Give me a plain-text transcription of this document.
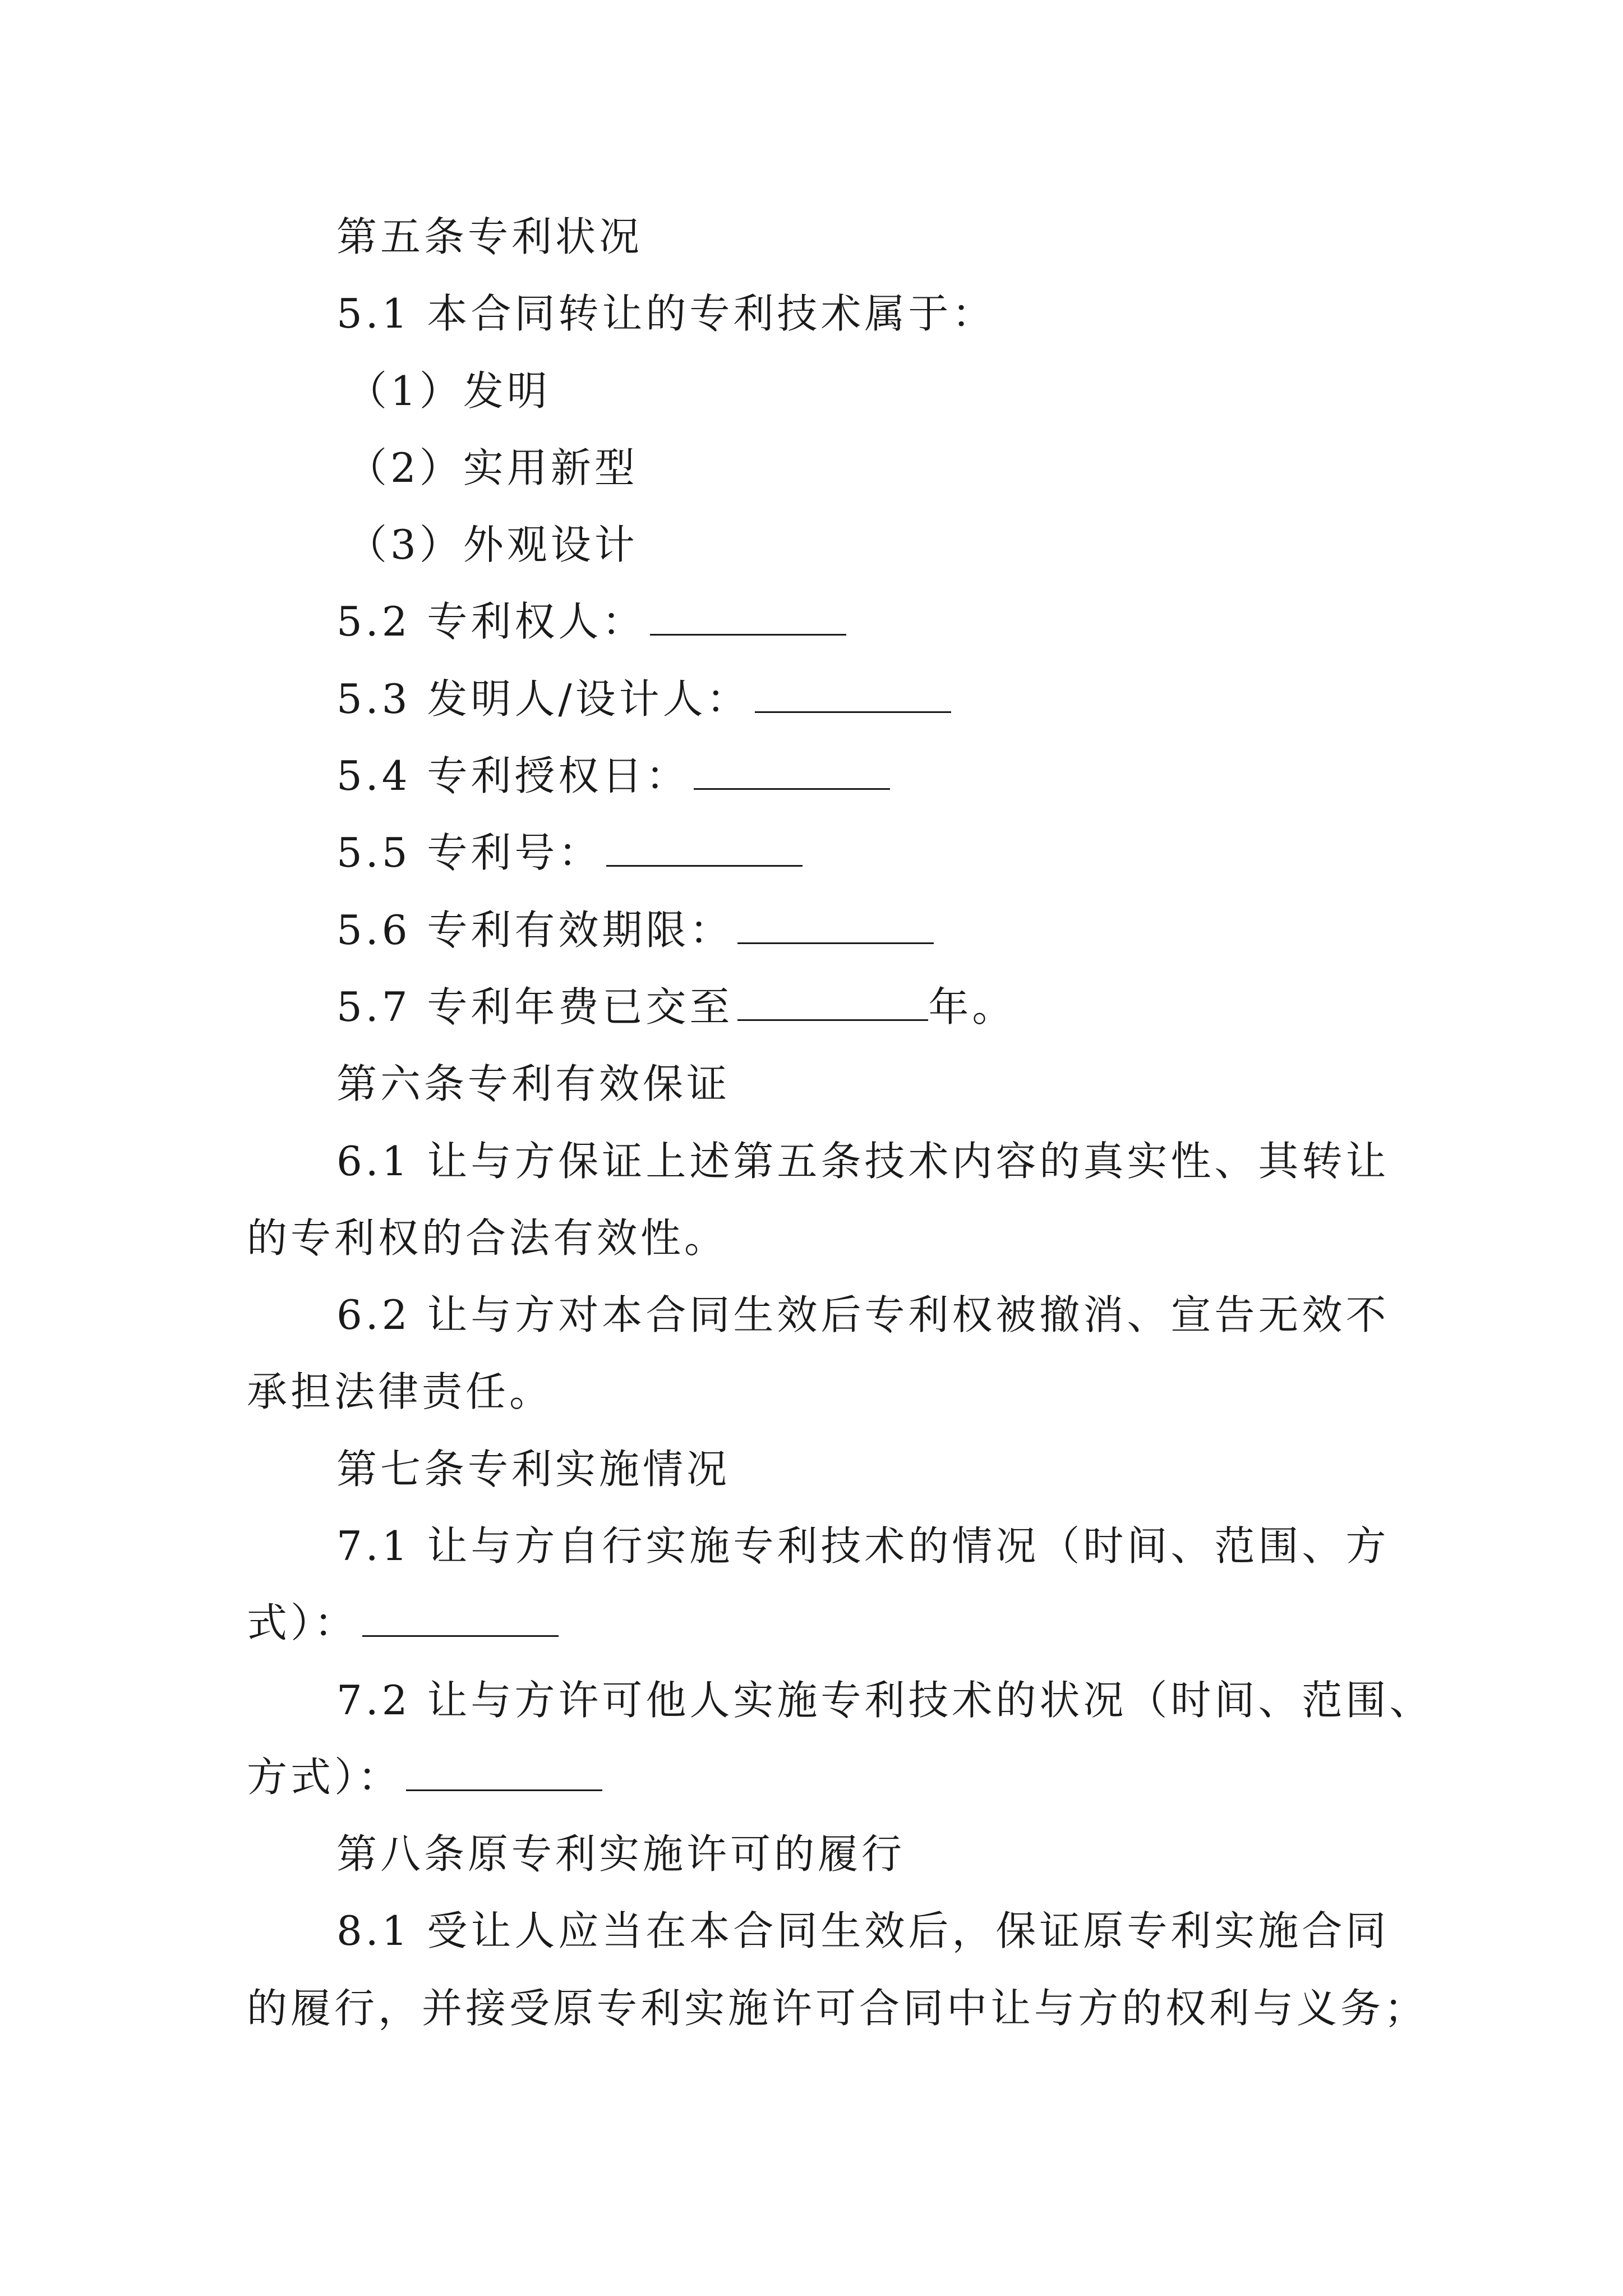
第五条专利状况
5.1 本合同转让的专利技术属于：
（1）发明
（2）实用新型
（3）外观设计
5.2 专利权人：
5.3 发明人/设计人：
5.4 专利授权日：
5.5 专利号：
5.6 专利有效期限：
5.7 专利年费已交至	年。
第六条专利有效保证
6.1 让与方保证上述第五条技术内容的真实性、其转让
的专利权的合法有效性。
6.2 让与方对本合同生效后专利权被撤消、宣告无效不
承担法律责任。
第七条专利实施情况
7.1 让与方自行实施专利技术的情况（时间、范围、方
式）：
7.2 让与方许可他人实施专利技术的状况（时间、范围、
方式）：
第八条原专利实施许可的履行
8.1 受让人应当在本合同生效后，保证原专利实施合同
的履行，并接受原专利实施许可合同中让与方的权利与义务；
